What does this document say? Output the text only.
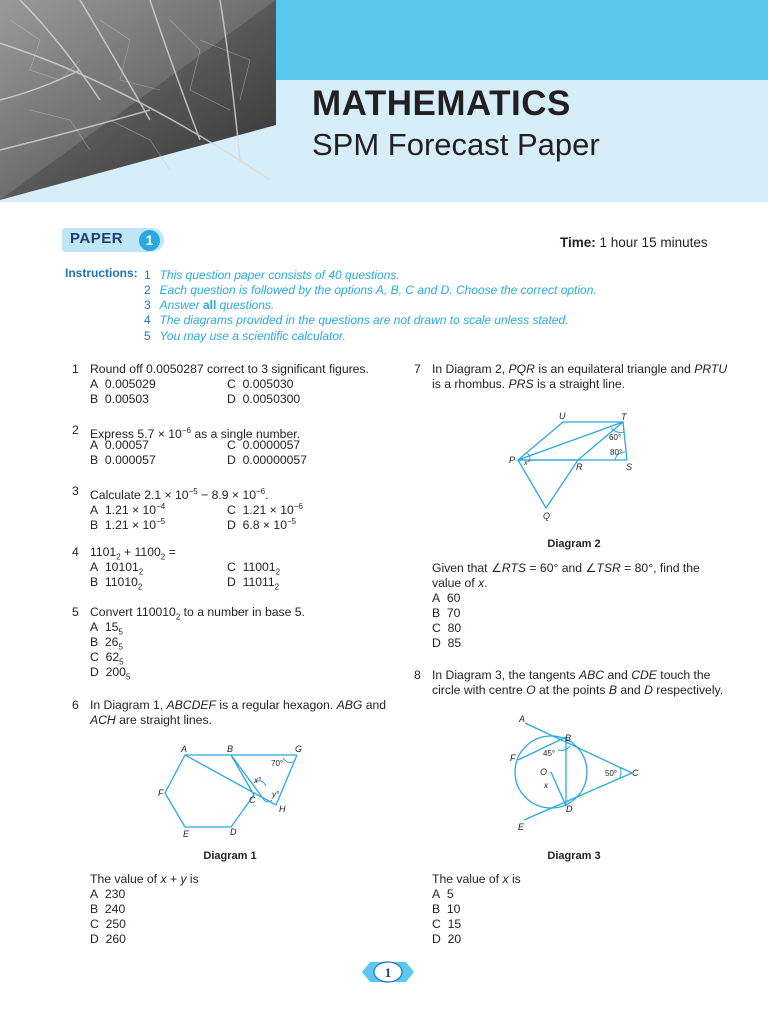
MATHEMATICS
SPM Forecast Paper
PAPER	1	Time: 1 hour 15 minutes
Instructions: 1 This question paper consists of 40 questions.
2 Each question is followed by the options A, B, C and D. Choose the correct option.
3 Answer all questions.
4 The diagrams provided in the questions are not drawn to scale unless stated.
5 You may use a scientific calculator.
1 Round off 0.0050287 correct to 3 significant figures.
A  0.005029	C  0.005030
B  0.00503	D  0.0050300
2 Express $5.7 \times 10^{-6}$ as a single number.
A  0.00057	C  0.0000057
B  0.000057	D  0.00000057
3 Calculate $2.1 \times 10^{-5} - 8.9 \times 10^{-6}$.
A  $1.21 \times 10^{-4}$	C  $1.21 \times 10^{-6}$
B  $1.21 \times 10^{-5}$	D  $6.8 \times 10^{-5}$
4 $1101_2 + 1100_2$ =
A  $10101_2$	C  $11001_2$
B  $11010_2$	D  $11011_2$
5 Convert $110010_2$ to a number in base 5.
A  $15_5$
B  $26_5$
C  $62_5$
D  $200_5$
6 In Diagram 1, ABCDEF is a regular hexagon. ABG and
ACH are straight lines.
A	B	G
F
C
H
D
E
x°
y°
70°
Diagram 1
The value of x + y is
A  230
B  240
C  250
D  260
7 In Diagram 2, PQR is an equilateral triangle and PRTU
is a rhombus. PRS is a straight line.
P
Q
R	S
T
U
x°
60°
80°
Diagram 2
Given that ∠RTS = 60° and ∠TSR = 80°, find the
value of x.
A  60
B  70
C  80
D  85
8 In Diagram 3, the tangents ABC and CDE touch the
circle with centre O at the points B and D respectively.
A
B
C
D
E
F
O
x
45°
50°
Diagram 3
The value of x is
A  5
B  10
C  15
D  20
1
